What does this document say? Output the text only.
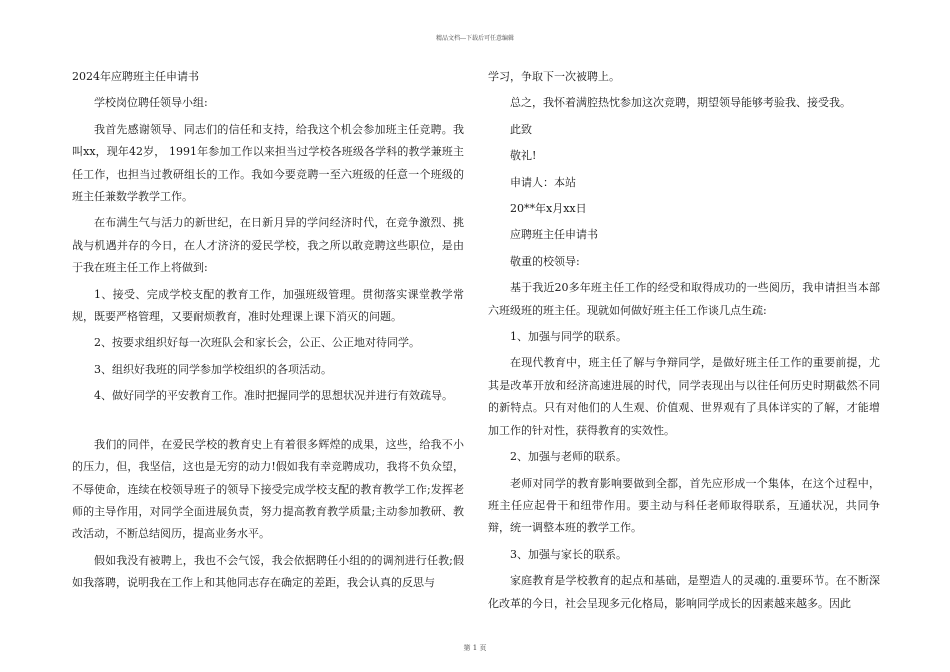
精品文档---下载后可任意编辑
2024年应聘班主任申请书

学校岗位聘任领导小组:

我首先感谢领导、同志们的信任和支持，给我这个机会参加班主任竞聘。我叫xx，现年42岁， 1991年参加工作以来担当过学校各班级各学科的教学兼班主任工作，也担当过教研组长的工作。我如今要竞聘一至六班级的任意一个班级的班主任兼数学教学工作。

在布满生气与活力的新世纪，在日新月异的学问经济时代，在竞争激烈、挑战与机遇并存的今日，在人才济济的爱民学校，我之所以敢竞聘这些职位，是由于我在班主任工作上将做到:

1、接受、完成学校支配的教育工作，加强班级管理。贯彻落实课堂教学常规，既要严格管理，又要耐烦教育，准时处理课上课下消灭的问题。

2、按要求组织好每一次班队会和家长会，公正、公正地对待同学。

3、组织好我班的同学参加学校组织的各项活动。

4、做好同学的平安教育工作。准时把握同学的思想状况并进行有效疏导。

我们的同伴，在爱民学校的教育史上有着很多辉煌的成果，这些，给我不小的压力，但，我坚信，这也是无穷的动力!假如我有幸竞聘成功，我将不负众望，不辱使命，连续在校领导班子的领导下接受完成学校支配的教育教学工作;发挥老师的主导作用，对同学全面进展负责，努力提高教育教学质量;主动参加教研、教改活动，不断总结阅历，提高业务水平。

假如我没有被聘上，我也不会气馁，我会依据聘任小组的的调剂进行任教;假如我落聘，说明我在工作上和其他同志存在确定的差距，我会认真的反思与

学习，争取下一次被聘上。

总之，我怀着满腔热忱参加这次竞聘，期望领导能够考验我、接受我。

此致

敬礼!

申请人：本站

20**年x月xx日

应聘班主任申请书

敬重的校领导:

基于我近20多年班主任工作的经受和取得成功的一些阅历，我申请担当本部六班级班的班主任。现就如何做好班主任工作谈几点生疏:

1、加强与同学的联系。

在现代教育中，班主任了解与争辩同学，是做好班主任工作的重要前提，尤其是改革开放和经济高速进展的时代，同学表现出与以往任何历史时期截然不同的新特点。只有对他们的人生观、价值观、世界观有了具体详实的了解，才能增加工作的针对性，获得教育的实效性。

2、加强与老师的联系。

老师对同学的教育影响要做到全都，首先应形成一个集体，在这个过程中，班主任应起骨干和纽带作用。要主动与科任老师取得联系，互通状况，共同争辩，统一调整本班的教学工作。

3、加强与家长的联系。

家庭教育是学校教育的起点和基础，是塑造人的灵魂的.重要环节。在不断深化改革的今日，社会呈现多元化格局，影响同学成长的因素越来越多。因此

第 1 页
